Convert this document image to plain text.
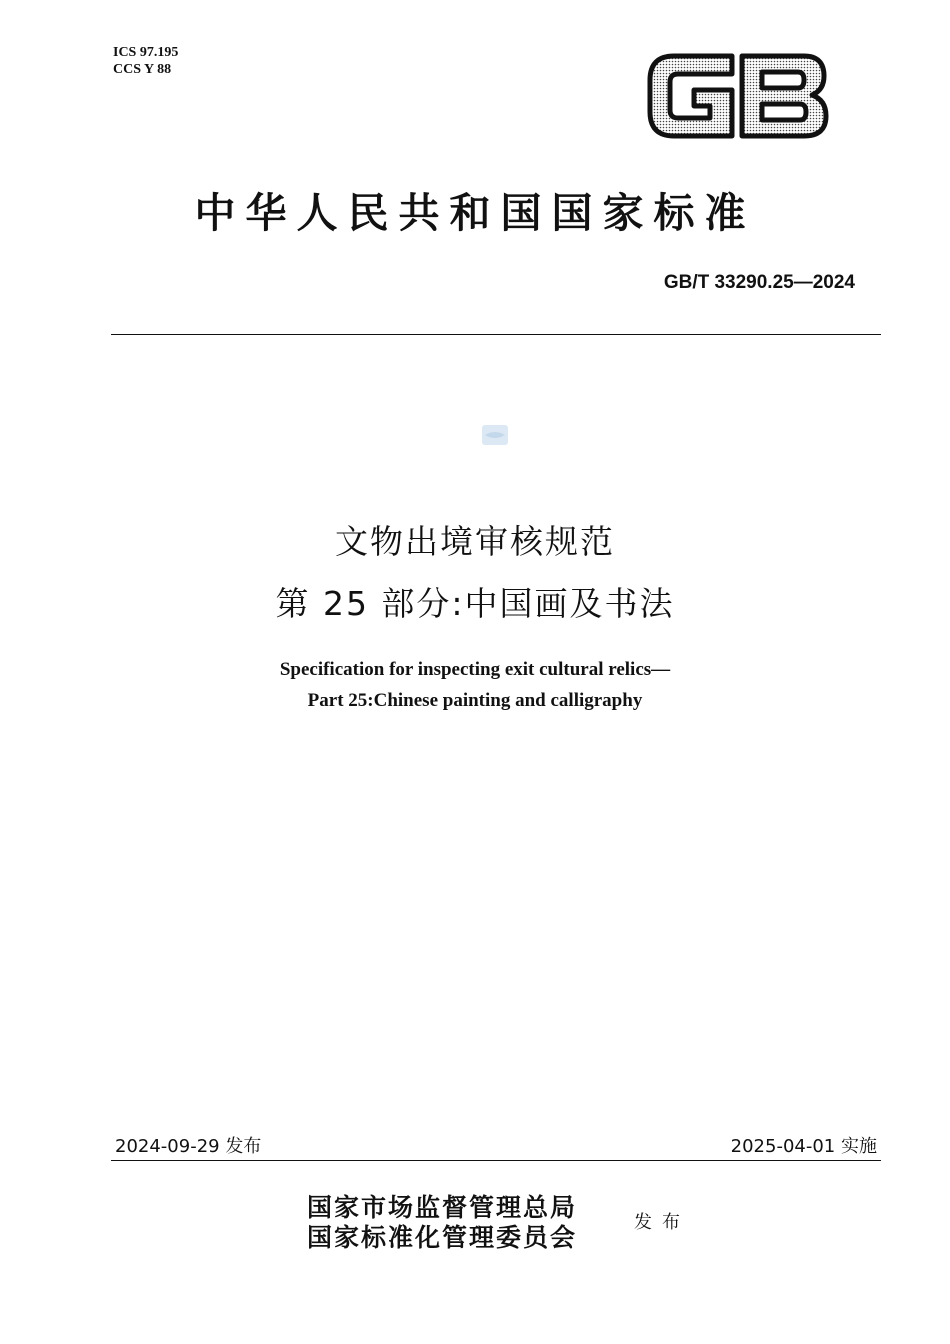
ICS 97.195
CCS Y 88
中华人民共和国国家标准
GB/T 33290.25—2024
文物出境审核规范
第 25 部分:中国画及书法
Specification for inspecting exit cultural relics—
Part 25:Chinese painting and calligraphy
2024-09-29 发布	2025-04-01 实施
国家市场监督管理总局
国家标准化管理委员会
发布
